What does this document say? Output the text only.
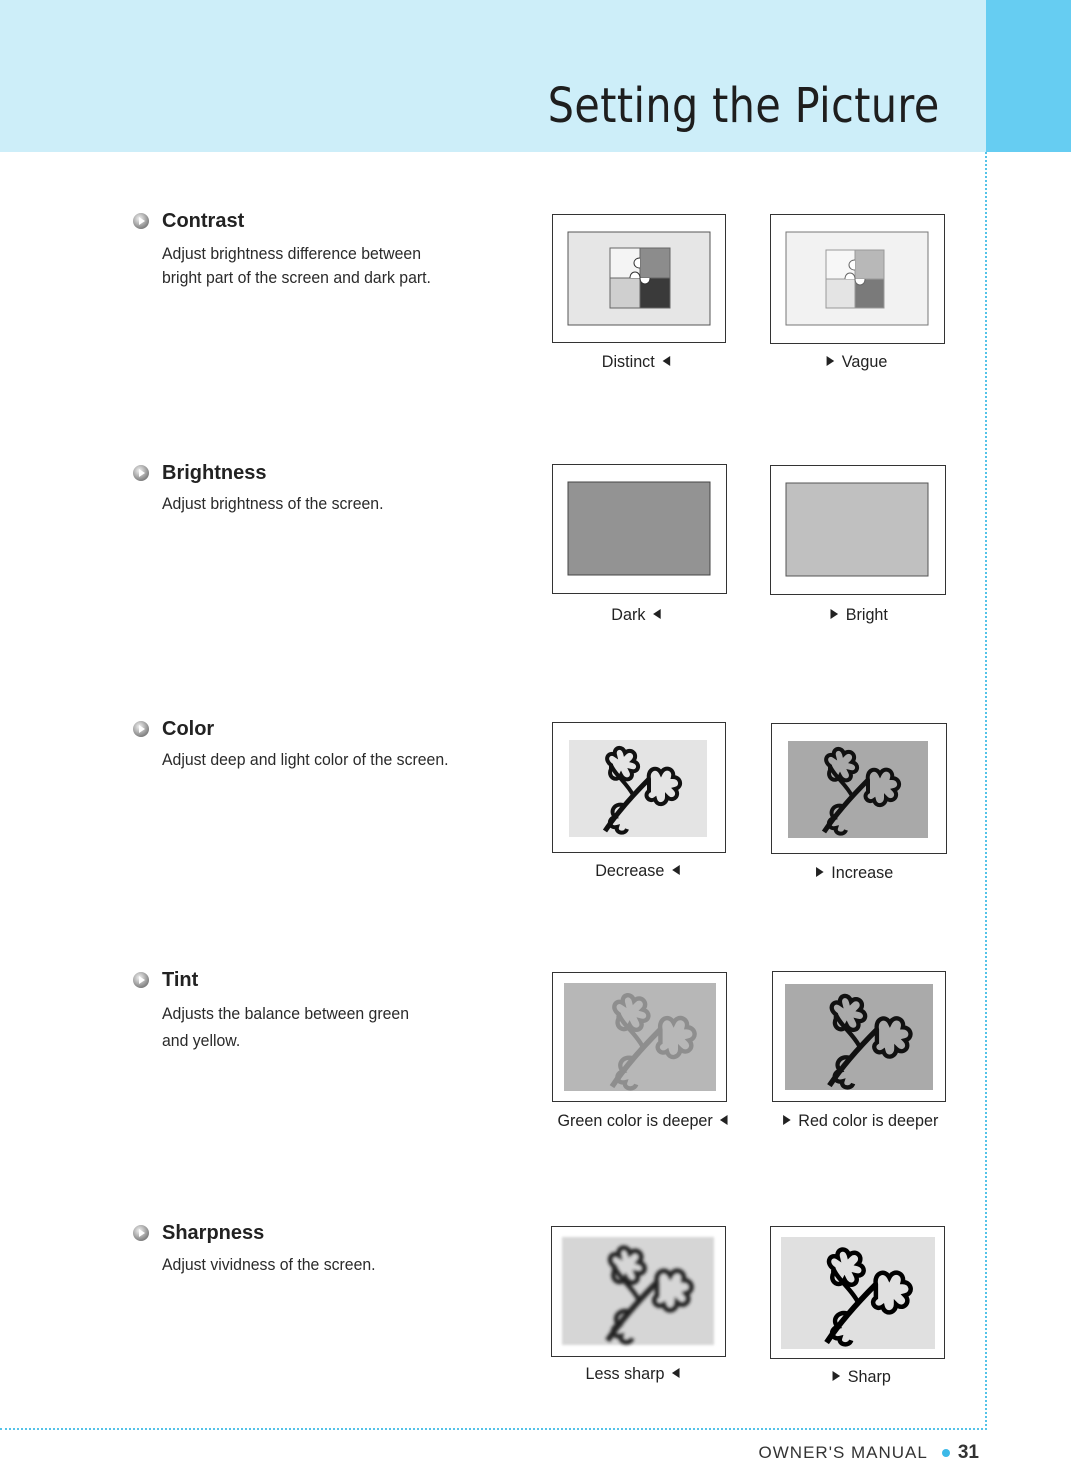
Setting the Picture
Contrast
Adjust brightness difference between
bright part of the screen and dark part.
Distinct	Vague
Brightness
Adjust brightness of the screen.
Dark	Bright
Color
Adjust deep and light color of the screen.
Decrease	Increase
Tint
Adjusts the balance between green
and yellow.
Green color is deeper	Red color is deeper
Sharpness
Adjust vividness of the screen.
Less sharp	Sharp
OWNER'S MANUAL 31
